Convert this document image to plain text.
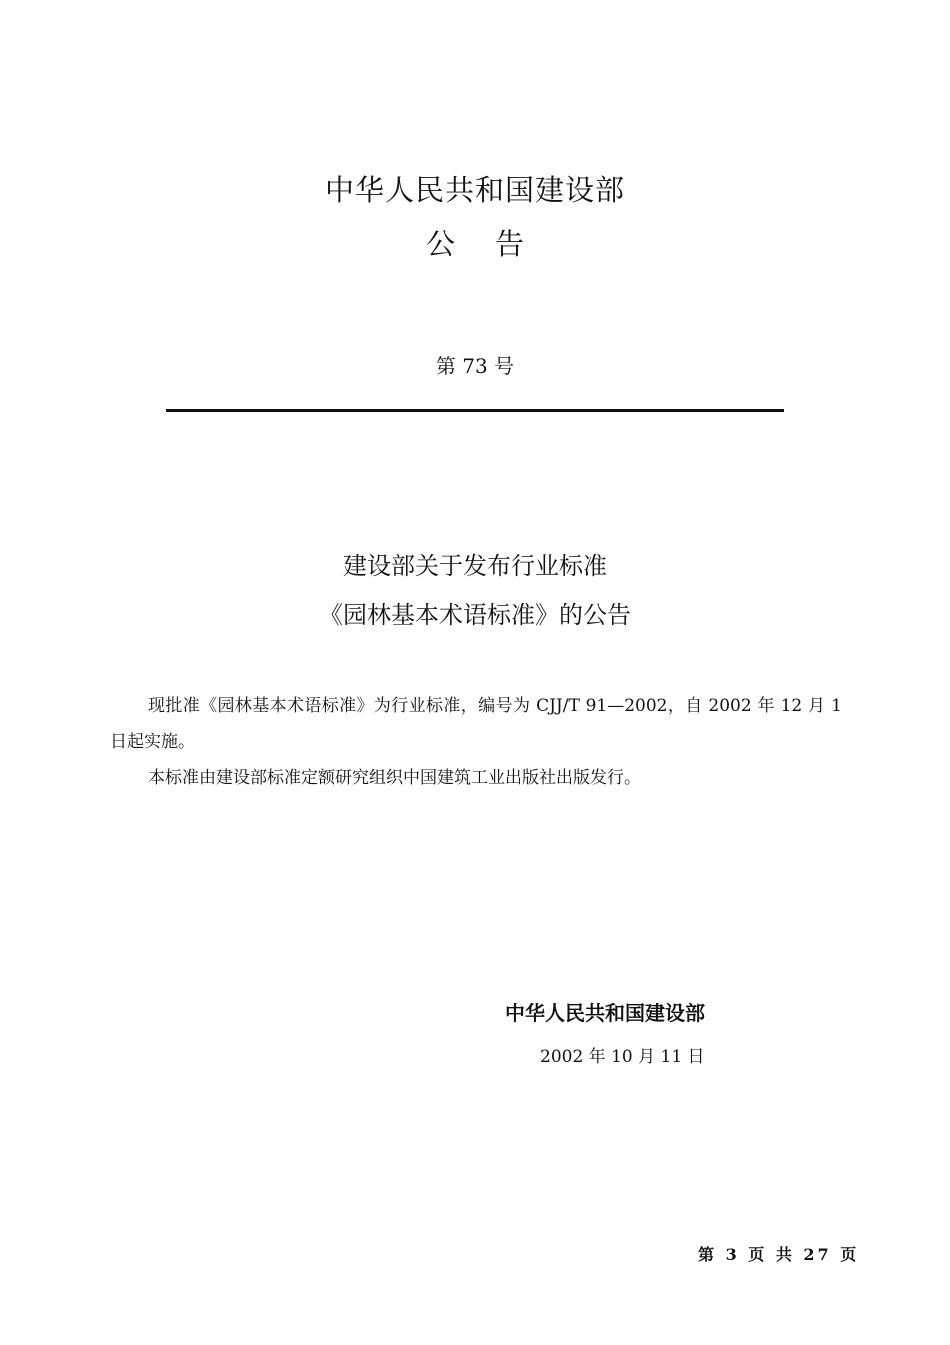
中华人民共和国建设部
公告
第 73 号
建设部关于发布行业标准
《园林基本术语标准》的公告
现批准《园林基本术语标准》为行业标准，编号为 CJJ/T 91—2002，自 2002 年 12 月 1 日起实施。
本标准由建设部标准定额研究组织中国建筑工业出版社出版发行。
中华人民共和国建设部
2002 年 10 月 11 日
第 3 页 共 27 页
